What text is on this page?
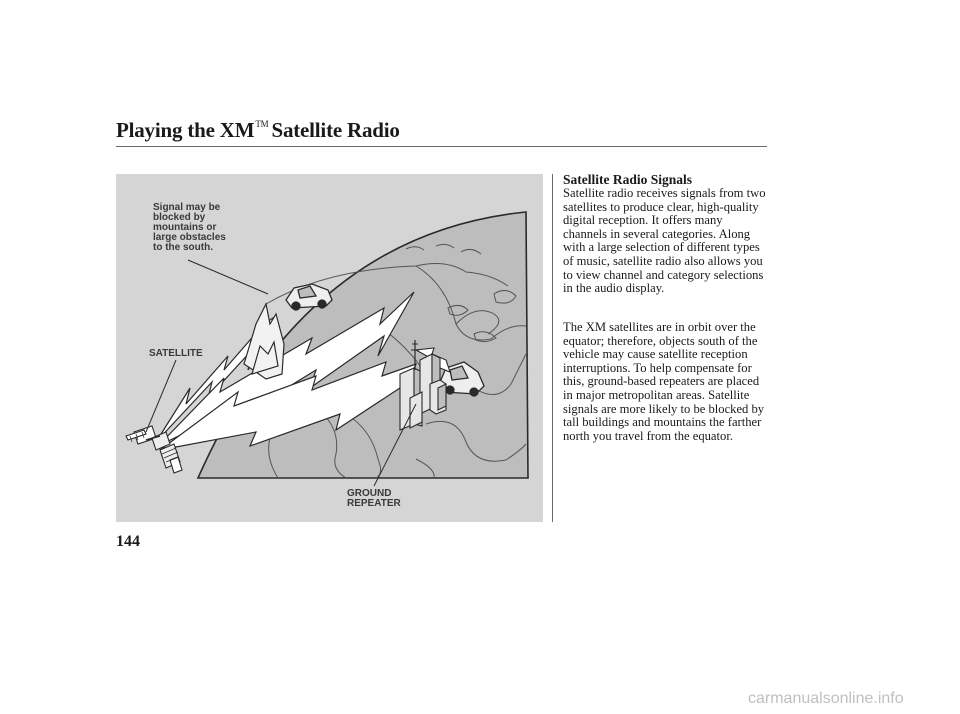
Playing the XM™ Satellite Radio
Signal may be
blocked by
mountains or
large obstacles
to the south.
SATELLITE
GROUND
REPEATER
Satellite Radio Signals

Satellite radio receives signals from two satellites to produce clear, high-quality digital reception. It offers many channels in several categories. Along with a large selection of different types of music, satellite radio also allows you to view channel and category selections in the audio display.

The XM satellites are in orbit over the equator; therefore, objects south of the vehicle may cause satellite reception interruptions. To help compensate for this, ground-based repeaters are placed in major metropolitan areas. Satellite signals are more likely to be blocked by tall buildings and mountains the farther north you travel from the equator.

144
carmanualsonline.info
